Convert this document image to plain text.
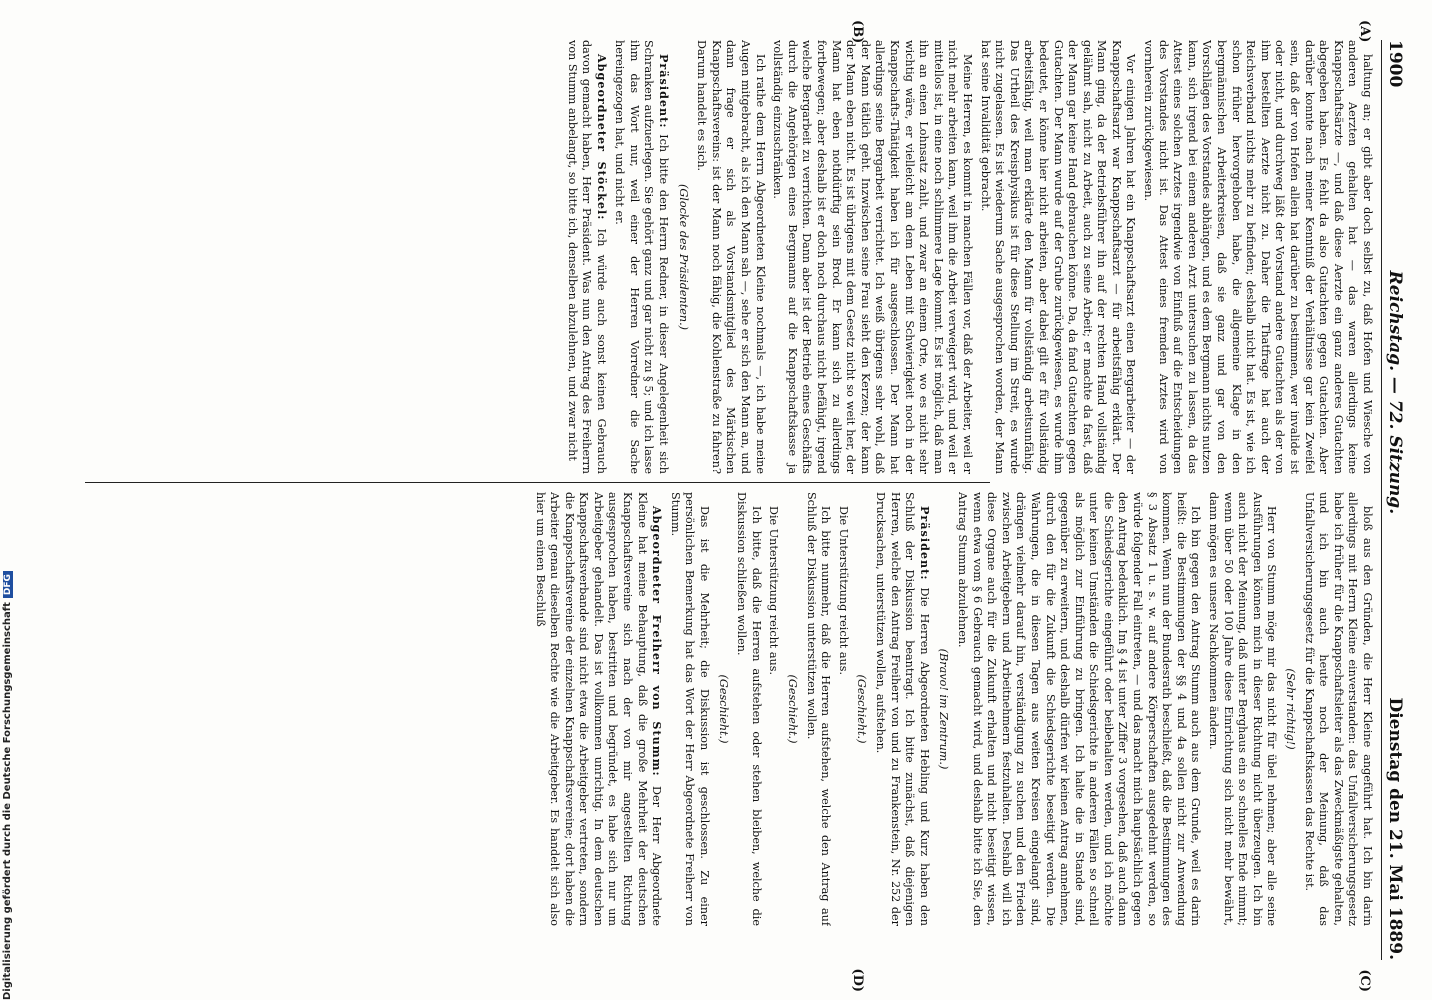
1900
Reichstag. — 72. Sitzung.
Dienstag den 21. Mai 1889.
(A)
(B)
(C)
(D)

haltung an; er gibt aber doch selbst zu, daß Hofen und Wiesche von anderen Aerzten gehalten hat — das waren allerdings keine Knappschaftsärzte —, und daß diese Aerzte ein ganz anderes Gutachten abgegeben haben. Es fehlt da also Gutachten gegen Gutachten. Aber darüber konnte nach meiner Kenntniß der Verhältnisse gar kein Zweifel sein, daß der von Hofen allein hat darüber zu bestimmen, wer invalide ist oder nicht, und durchweg läßt der Vorstand andere Gutachten als der von ihm bestellten Aerzte nicht zu. Daher die Thatfrage hat auch der Reichsverband nichts mehr zu befinden; deshalb nicht hat. Es ist, wie ich schon früher hervorgehoben habe, die allgemeine Klage in den bergmännischen Arbeiterkreisen, daß sie ganz und gar von den Vorschlägen des Vorstandes abhängen, und es dem Bergmann nichts nutzen kann, sich irgend bei einem anderen Arzt untersuchen zu lassen, da das Attest eines solchen Arztes irgendwie von Einfluß auf die Entscheidungen des Vorstandes nicht ist. Das Attest eines fremden Arztes wird von vornherein zurückgewiesen.

Vor einigen Jahren hat ein Knappschaftsarzt einen Bergarbeiter — der Knappschaftsarzt war Knappschaftsarzt — für arbeitsfähig erklärt. Der Mann ging, da der Betriebsführer ihn auf der rechten Hand vollständig gelähmt sah, nicht zu Arbeit, auch zu seine Arbeit; er machte da fast, daß der Mann gar keine Hand gebrauchen könne. Da, da fand Gutachten gegen Gutachten. Der Mann wurde auf der Grube zurückgewiesen, es wurde ihm bedeutet, er könne hier nicht arbeiten, aber dabei gilt er für vollständig arbeitsfähig, weil man erklärte den Mann für vollständig arbeitsunfähig. Das Urtheil des Kreisphysikus ist für diese Stellung im Streit, es wurde nicht zugelassen. Es ist wiederum Sache ausgesprochen worden, der Mann hat seine Invalidität gebracht.

Meine Herren, es kommt in manchen Fällen vor, daß der Arbeiter, weil er nicht mehr arbeiten kann, weil ihm die Arbeit verweigert wird, und weil er mittellos ist, in eine noch schlimmere Lage kommt. Es ist möglich, daß man ihn an einen Lohnsatz zahlt, und zwar an einem Orte, wo es nicht sehr wichtig wäre, er vielleicht am dem Leben mit Schwierigkeit noch in der Knappschafts-Thätigkeit haben ich für ausgeschlossen. Der Mann hat allerdings seine Bergarbeit verrichtet. Ich weiß übrigens sehr wohl, daß der Mann tätlich geht. Inzwischen seine Frau sieht den Kerzen; der kann der Mann eben nicht. Es ist übrigens mit dem Gesetz nicht so weit her, der Mann hat eben nothdürftig sein Brod. Er kann sich zu allerdings fortbewegen; aber deshalb ist er doch noch durchaus nicht befähigt, irgend welche Bergarbeit zu verrichten. Dann aber ist der Betrieb eines Geschäfts durch die Angehörigen eines Bergmanns auf die Knappschaftskasse ja vollständig einzuschränken.

Ich rathe dem Herrn Abgeordneten Kleine nochmals —, ich habe meine Augen mitgebracht, als ich den Mann sah —, sehe er sich den Mann an, und dann frage er sich als Vorstandsmitglied des Märkischen Knappschaftsvereins: ist der Mann noch fähig, die Kohlenstraße zu fahren? Darum handelt es sich.

(Glocke des Präsidenten.)

Präsident: Ich bitte den Herrn Redner, in dieser Angelegenheit sich Schranken aufzuerlegen. Sie gehört ganz und gar nicht zu § 5; und ich lasse ihm das Wort nur, weil einer der Herren Vorredner die Sache hereingezogen hat, und nicht er.

Abgeordneter Stöckel: Ich würde auch sonst keinen Gebrauch davon gemacht haben, Herr Präsident. Was nun den Antrag des Freiherrn von Stumm anbelangt, so bitte ich, denselben abzulehnen, und zwar nicht

bloß aus den Gründen, die Herr Kleine angeführt hat. Ich bin darin allerdings mit Herrn Kleine einverstanden: das Unfallversicherungsgesetz habe ich früher für die Knappschaftsleiter als das Zweckmäßigste gehalten, und ich bin auch heute noch der Meinung, daß das Unfallversicherungsgesetz für die Knappschaftskassen das Rechte ist.

(Sehr richtig!)

Herr von Stumm möge mir das nicht für übel nehmen; aber alle seine Ausführungen können mich in dieser Richtung nicht überzeugen. Ich bin auch nicht der Meinung, daß unter Berghaus ein so schnelles Ende nimmt; wenn über 50 oder 100 Jahre diese Einrichtung sich nicht mehr bewährt, dann mögen es unsere Nachkommen ändern.

Ich bin gegen den Antrag Stumm auch aus dem Grunde, weil es darin heißt: die Bestimmungen der §§ 4 und 4a sollen nicht zur Anwendung kommen. Wenn nun der Bundesrath beschließt, daß die Bestimmungen des § 3 Absatz 1 u. s. w. auf andere Körperschaften ausgedehnt werden, so würde folgender Fall eintreten, — und das macht mich hauptsächlich gegen den Antrag bedenklich. Im § 4 ist unter Ziffer 3 vorgesehen, daß auch dann die Schiedsgerichte eingeführt oder beibehalten werden, und ich möchte unter keinen Umständen die Schiedsgerichte in anderen Fällen so schnell als möglich zur Einführung zu bringen. Ich halte die in Stande sind, gegenüber zu erweitern, und deshalb dürfen wir keinen Antrag annehmen, durch den für die Zukunft die Schiedsgerichte beseitigt werden. Die Wahrungen, die in diesen Tagen aus weiten Kreisen eingelangt sind, drängen vielmehr darauf hin, verständigung zu suchen und den Frieden zwischen Arbeitgebern und Arbeitnehmern festzuhalten. Deshalb will ich diese Organe auch für die Zukunft erhalten und nicht beseitigt wissen, wenn etwa vom § 6 Gebrauch gemacht wird, und deshalb bitte ich Sie, den Antrag Stumm abzulehnen.

(Bravo! im Zentrum.)

Präsident: Die Herren Abgeordneten Hebling und Kurz haben den Schluß der Diskussion beantragt. Ich bitte zunächst, daß diejenigen Herren, welche den Antrag Freiherr von und zu Frankenstein, Nr. 252 der Drucksachen, unterstützen wollen, aufstehen.

(Geschieht.)

Die Unterstützung reicht aus.

Ich bitte nunmehr, daß die Herren aufstehen, welche den Antrag auf Schluß der Diskussion unterstützen wollen.

(Geschieht.)

Die Unterstützung reicht aus.

Ich bitte, daß die Herren aufstehen oder stehen bleiben, welche die Diskussion schließen wollen.

(Geschieht.)

Das ist die Mehrheit; die Diskussion ist geschlossen. Zu einer persönlichen Bemerkung hat das Wort der Herr Abgeordnete Freiherr von Stumm.

Abgeordneter Freiherr von Stumm: Der Herr Abgeordnete Kleine hat meine Behauptung, daß die große Mehrheit der deutschen Knappschaftsvereine sich nach der von mir angestellten Richtung ausgesprochen haben, bestritten und begründet, es habe sich nur um Arbeitgeber gehandelt. Das ist vollkommen unrichtig. In dem deutschen Knappschaftsverbande sind nicht etwa die Arbeitgeber vertreten, sondern die Knappschaftsvereine der einzelnen Knappschaftsvereine; dort haben die Arbeiter genau dieselben Rechte wie die Arbeitgeber. Es handelt sich also hier um einen Beschluß

Digitalisierung gefördert durch die Deutsche ForschungsgemeinschaftDFG
